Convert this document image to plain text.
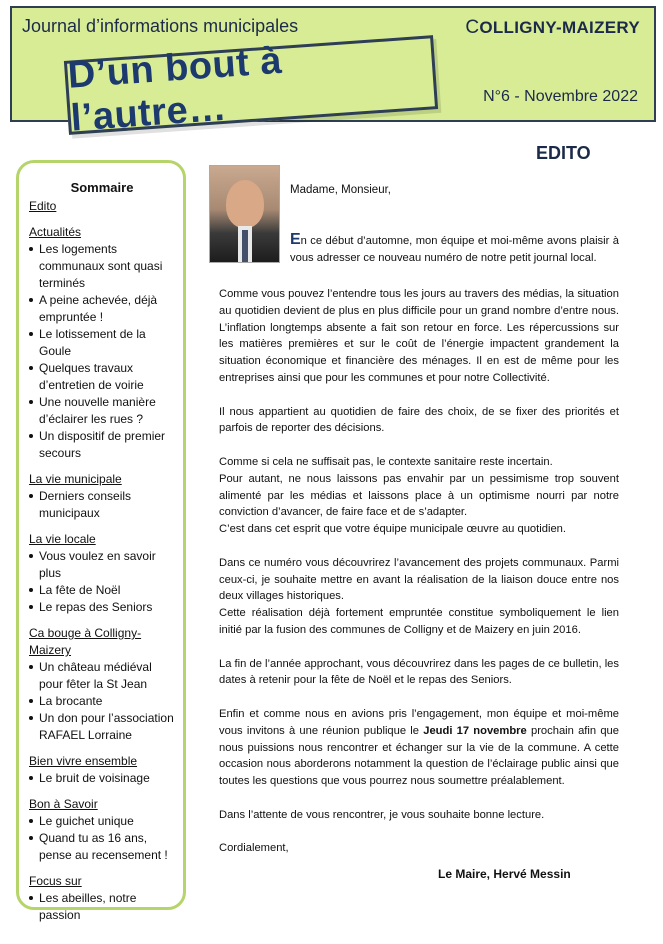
Journal d’informations municipales	COLLIGNY-MAIZERY
N°6 - Novembre 2022
D’un bout à l’autre…
Sommaire
Edito
Actualités
Les logements communaux sont quasi terminés
A peine achevée, déjà empruntée !
Le lotissement de la Goule
Quelques travaux d’entretien de voirie
Une nouvelle manière d’éclairer les rues ?
Un dispositif de premier secours
La vie municipale
Derniers conseils municipaux
La vie locale
Vous voulez en savoir plus
La fête de Noël
Le repas des Seniors
Ca bouge à Colligny-Maizery
Un château médiéval pour fêter la St Jean
La brocante
Un don pour l’association RAFAEL Lorraine
Bien vivre ensemble
Le bruit de voisinage
Bon à Savoir
Le guichet unique
Quand tu as 16 ans, pense au recensement !
Focus sur
Les abeilles, notre passion
EDITO
Madame, Monsieur,
En ce début d’automne, mon équipe et moi-même avons plaisir à vous adresser ce nouveau numéro de notre petit journal local.

Comme vous pouvez l’entendre tous les jours au travers des médias, la situation au quotidien devient de plus en plus difficile pour un grand nombre d’entre nous. L’inflation longtemps absente a fait son retour en force. Les répercussions sur les matières premières et sur le coût de l’énergie impactent grandement la situation économique et financière des ménages. Il en est de même pour les entreprises ainsi que pour les communes et pour notre Collectivité.

Il nous appartient au quotidien de faire des choix, de se fixer des priorités et parfois de reporter des décisions.

Comme si cela ne suffisait pas, le contexte sanitaire reste incertain.

Pour autant, ne nous laissons pas envahir par un pessimisme trop souvent alimenté par les médias et laissons place à un optimisme nourri par notre conviction d’avancer, de faire face et de s’adapter.

C’est dans cet esprit que votre équipe municipale œuvre au quotidien.

Dans ce numéro vous découvrirez l’avancement des projets communaux. Parmi ceux-ci, je souhaite mettre en avant la réalisation de la liaison douce entre nos deux villages historiques.

Cette réalisation déjà fortement empruntée constitue symboliquement le lien initié par la fusion des communes de Colligny et de Maizery en juin 2016.

La fin de l’année approchant, vous découvrirez dans les pages de ce bulletin, les dates à retenir pour la fête de Noël et le repas des Seniors.

Enfin et comme nous en avions pris l’engagement, mon équipe et moi-même vous invitons à une réunion publique le Jeudi 17 novembre prochain afin que nous puissions nous rencontrer et échanger sur la vie de la commune. A cette occasion nous aborderons notamment la question de l’éclairage public ainsi que toutes les questions que vous pourrez nous soumettre préalablement.

Dans l’attente de vous rencontrer, je vous souhaite bonne lecture.

Cordialement,

Le Maire, Hervé Messin
